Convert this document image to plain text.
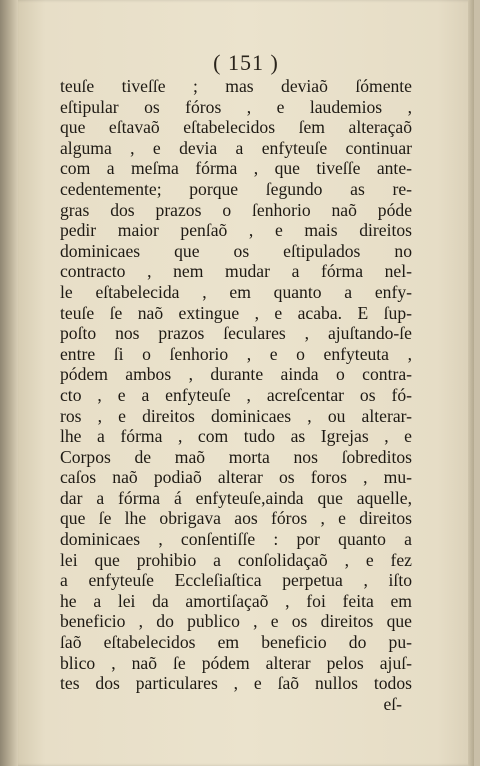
( 151 )
teuſe tiveſſe ; mas deviaõ ſómente
eſtipular os fóros , e laudemios ,
que eſtavaõ eſtabelecidos ſem alteraçaõ
alguma , e devia a enfyteuſe continuar
com a meſma fórma , que tiveſſe ante-
cedentemente; porque ſegundo as re-
gras dos prazos o ſenhorio naõ póde
pedir maior penſaõ , e mais direitos
dominicaes que os eſtipulados no
contracto , nem mudar a fórma nel-
le eſtabelecida , em quanto a enfy-
teuſe ſe naõ extingue , e acaba. E ſup-
poſto nos prazos ſeculares , ajuſtando-ſe
entre ſi o ſenhorio , e o enfyteuta ,
pódem ambos , durante ainda o contra-
cto , e a enfyteuſe , acreſcentar os fó-
ros , e direitos dominicaes , ou alterar-
lhe a fórma , com tudo as Igrejas , e
Corpos de maõ morta nos ſobreditos
caſos naõ podiaõ alterar os foros , mu-
dar a fórma á enfyteuſe,ainda que aquelle,
que ſe lhe obrigava aos fóros , e direitos
dominicaes , conſentiſſe : por quanto a
lei que prohibio a conſolidaçaõ , e fez
a enfyteuſe Eccleſiaſtica perpetua , iſto
he a lei da amortiſaçaõ , foi feita em
beneficio , do publico , e os direitos que
ſaõ eſtabelecidos em beneficio do pu-
blico , naõ ſe pódem alterar pelos ajuſ-
tes dos particulares , e ſaõ nullos todos
eſ-
